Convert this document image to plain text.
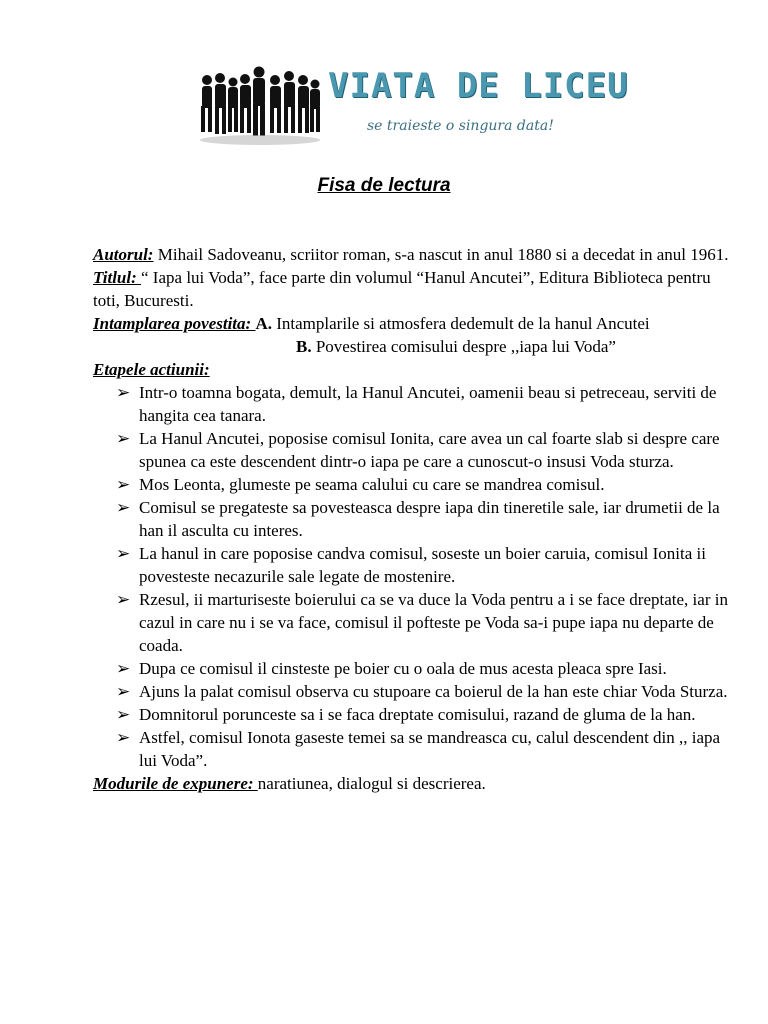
VIATA DE LICEU
se traieste o singura data!
Fisa de lectura

Autorul: Mihail Sadoveanu, scriitor roman, s-a nascut in anul 1880 si a decedat in anul 1961.

Titlul: “ Iapa lui Voda”, face parte din volumul “Hanul Ancutei”, Editura Biblioteca pentru toti, Bucuresti.

Intamplarea povestita: A. Intamplarile si atmosfera dedemult de la hanul Ancutei

B. Povestirea comisului despre ,,iapa lui Voda”

Etapele actiunii:

➢ Intr-o toamna bogata, demult, la Hanul Ancutei, oamenii beau si petreceau, serviti de hangita cea tanara.
➢ La Hanul Ancutei, poposise comisul Ionita, care avea un cal foarte slab si despre care spunea ca este descendent dintr-o iapa pe care a cunoscut-o insusi Voda sturza.
➢ Mos Leonta, glumeste pe seama calului cu care se mandrea comisul.
➢ Comisul se pregateste sa povesteasca despre iapa din tineretile sale, iar drumetii de la han il asculta cu interes.
➢ La hanul in care poposise candva comisul, soseste un boier caruia, comisul Ionita ii povesteste necazurile sale legate de mostenire.
➢ Rzesul, ii marturiseste boierului ca se va duce la Voda pentru a i se face dreptate, iar in cazul in care nu i se va face, comisul il pofteste pe Voda sa-i pupe iapa nu departe de coada.
➢ Dupa ce comisul il cinsteste pe boier cu o oala de mus acesta pleaca spre Iasi.
➢ Ajuns la palat comisul observa cu stupoare ca boierul de la han este chiar Voda Sturza.
➢ Domnitorul porunceste sa i se faca dreptate comisului, razand de gluma de la han.
➢ Astfel, comisul Ionota gaseste temei sa se mandreasca cu, calul descendent din ,, iapa lui Voda”.

Modurile de expunere: naratiunea, dialogul si descrierea.
